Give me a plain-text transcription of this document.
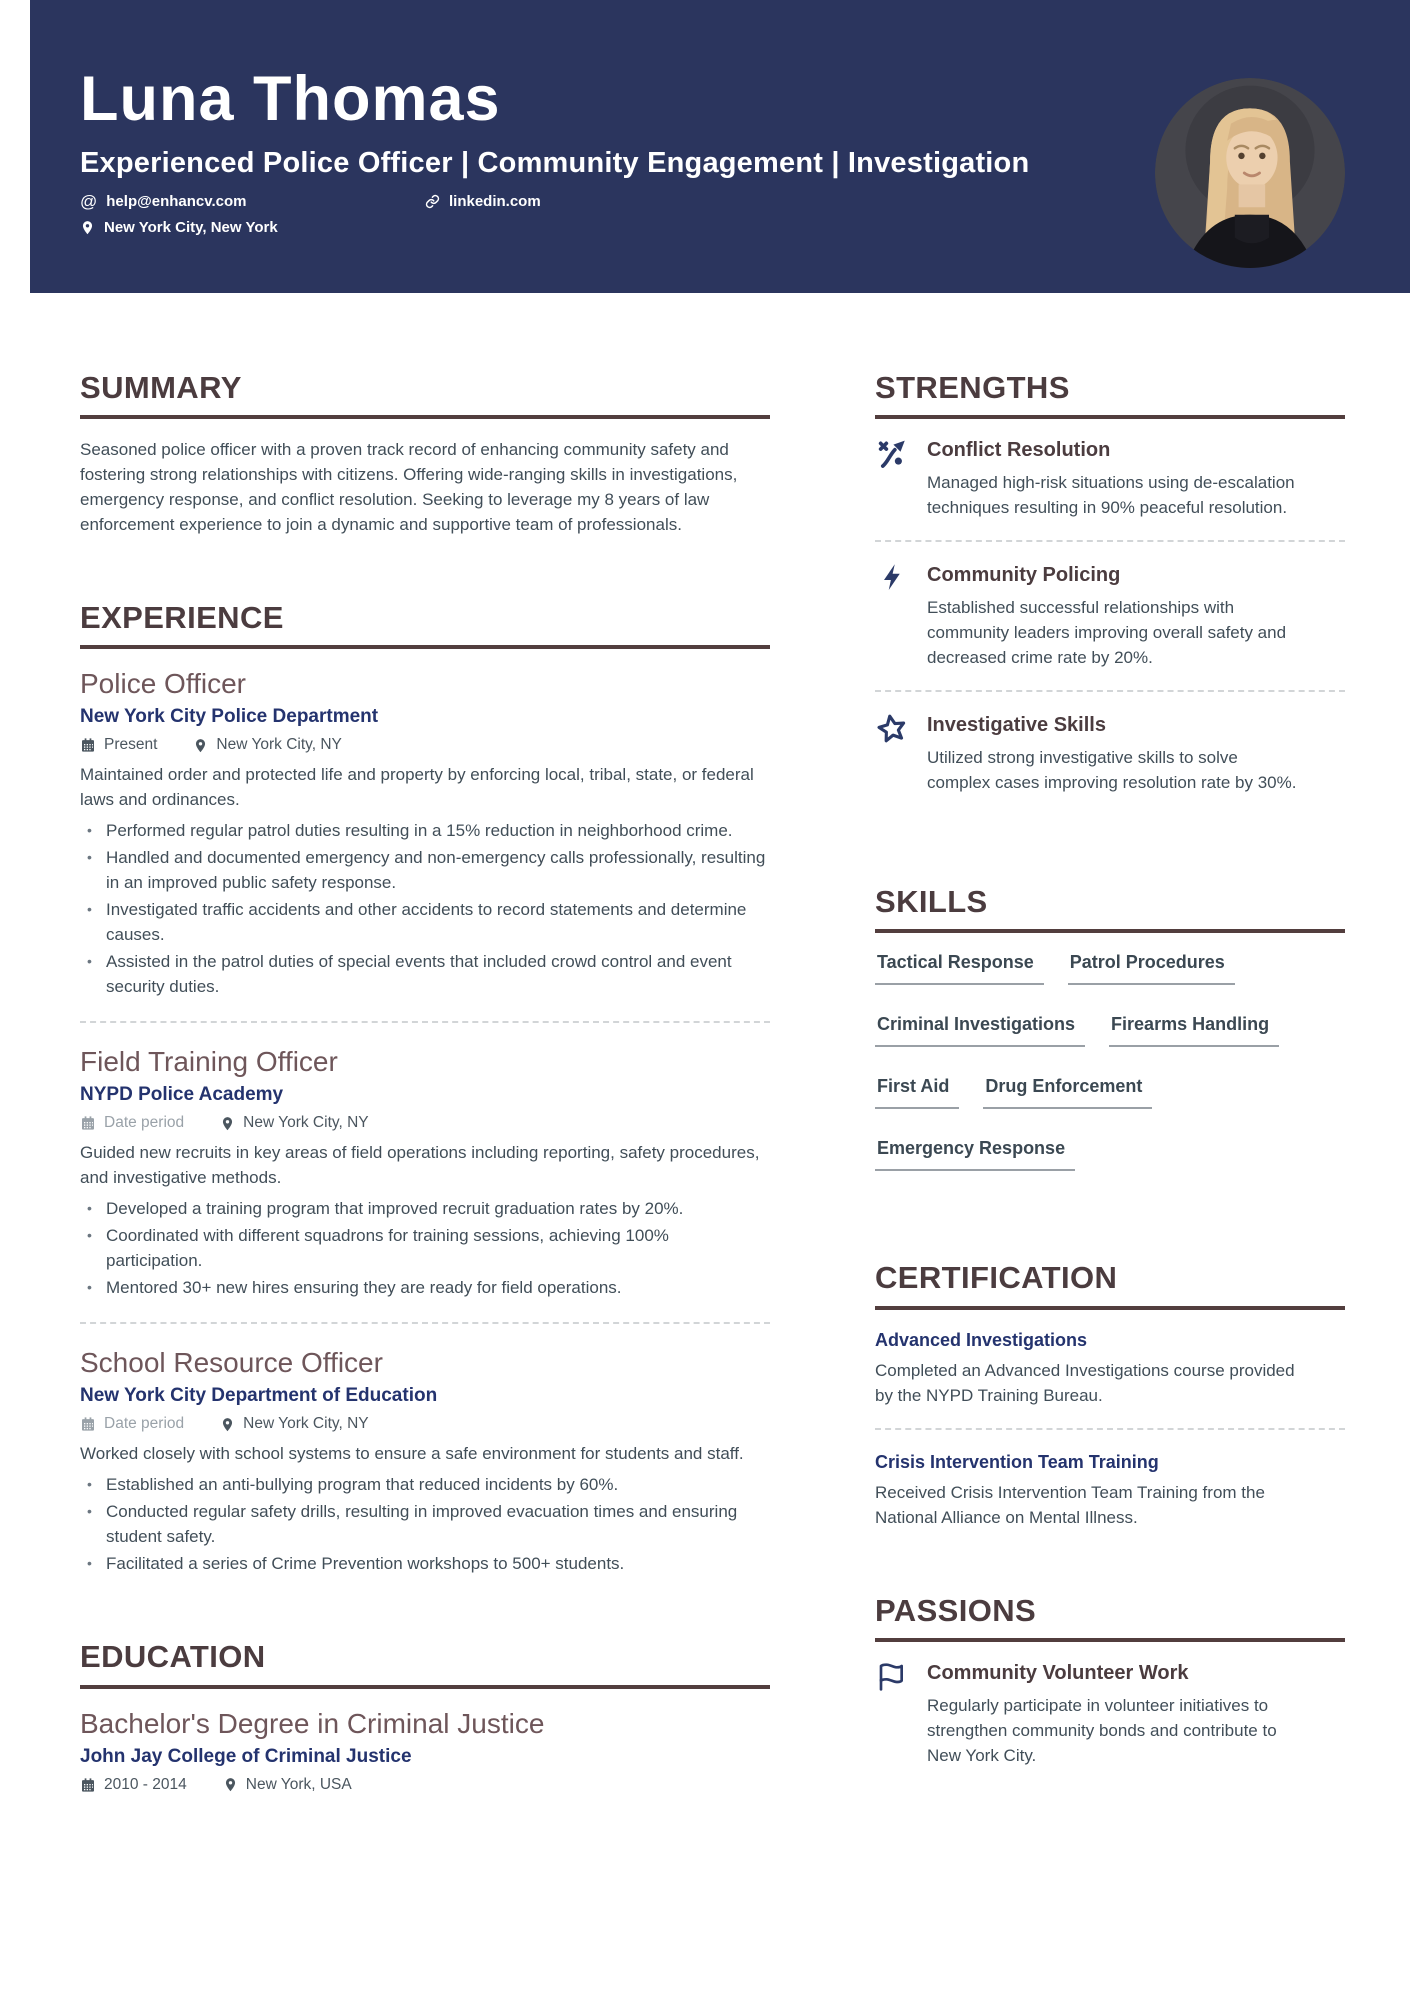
Luna Thomas
Experienced Police Officer | Community Engagement | Investigation
@ help@enhancv.com	linkedin.com
New York City, New York
SUMMARY

Seasoned police officer with a proven track record of enhancing community safety and fostering strong relationships with citizens. Offering wide-ranging skills in investigations, emergency response, and conflict resolution. Seeking to leverage my 8 years of law enforcement experience to join a dynamic and supportive team of professionals.

EXPERIENCE
Police Officer
New York City Police Department
Present	New York City, NY

Maintained order and protected life and property by enforcing local, tribal, state, or federal laws and ordinances.

• Performed regular patrol duties resulting in a 15% reduction in neighborhood crime.
• Handled and documented emergency and non-emergency calls professionally, resulting in an improved public safety response.
• Investigated traffic accidents and other accidents to record statements and determine causes.
• Assisted in the patrol duties of special events that included crowd control and event security duties.
Field Training Officer
NYPD Police Academy
Date period	New York City, NY

Guided new recruits in key areas of field operations including reporting, safety procedures, and investigative methods.

• Developed a training program that improved recruit graduation rates by 20%.
• Coordinated with different squadrons for training sessions, achieving 100% participation.
• Mentored 30+ new hires ensuring they are ready for field operations.
School Resource Officer
New York City Department of Education
Date period	New York City, NY

Worked closely with school systems to ensure a safe environment for students and staff.

• Established an anti-bullying program that reduced incidents by 60%.
• Conducted regular safety drills, resulting in improved evacuation times and ensuring student safety.
• Facilitated a series of Crime Prevention workshops to 500+ students.
EDUCATION
Bachelor's Degree in Criminal Justice
John Jay College of Criminal Justice
2010 - 2014	New York, USA
STRENGTHS
Conflict Resolution
Managed high-risk situations using de-escalation techniques resulting in 90% peaceful resolution.
Community Policing
Established successful relationships with community leaders improving overall safety and decreased crime rate by 20%.
Investigative Skills
Utilized strong investigative skills to solve complex cases improving resolution rate by 30%.
SKILLS
Tactical Response	Patrol Procedures
Criminal Investigations	Firearms Handling
First Aid	Drug Enforcement
Emergency Response
CERTIFICATION
Advanced Investigations
Completed an Advanced Investigations course provided by the NYPD Training Bureau.
Crisis Intervention Team Training
Received Crisis Intervention Team Training from the National Alliance on Mental Illness.
PASSIONS
Community Volunteer Work
Regularly participate in volunteer initiatives to strengthen community bonds and contribute to New York City.
